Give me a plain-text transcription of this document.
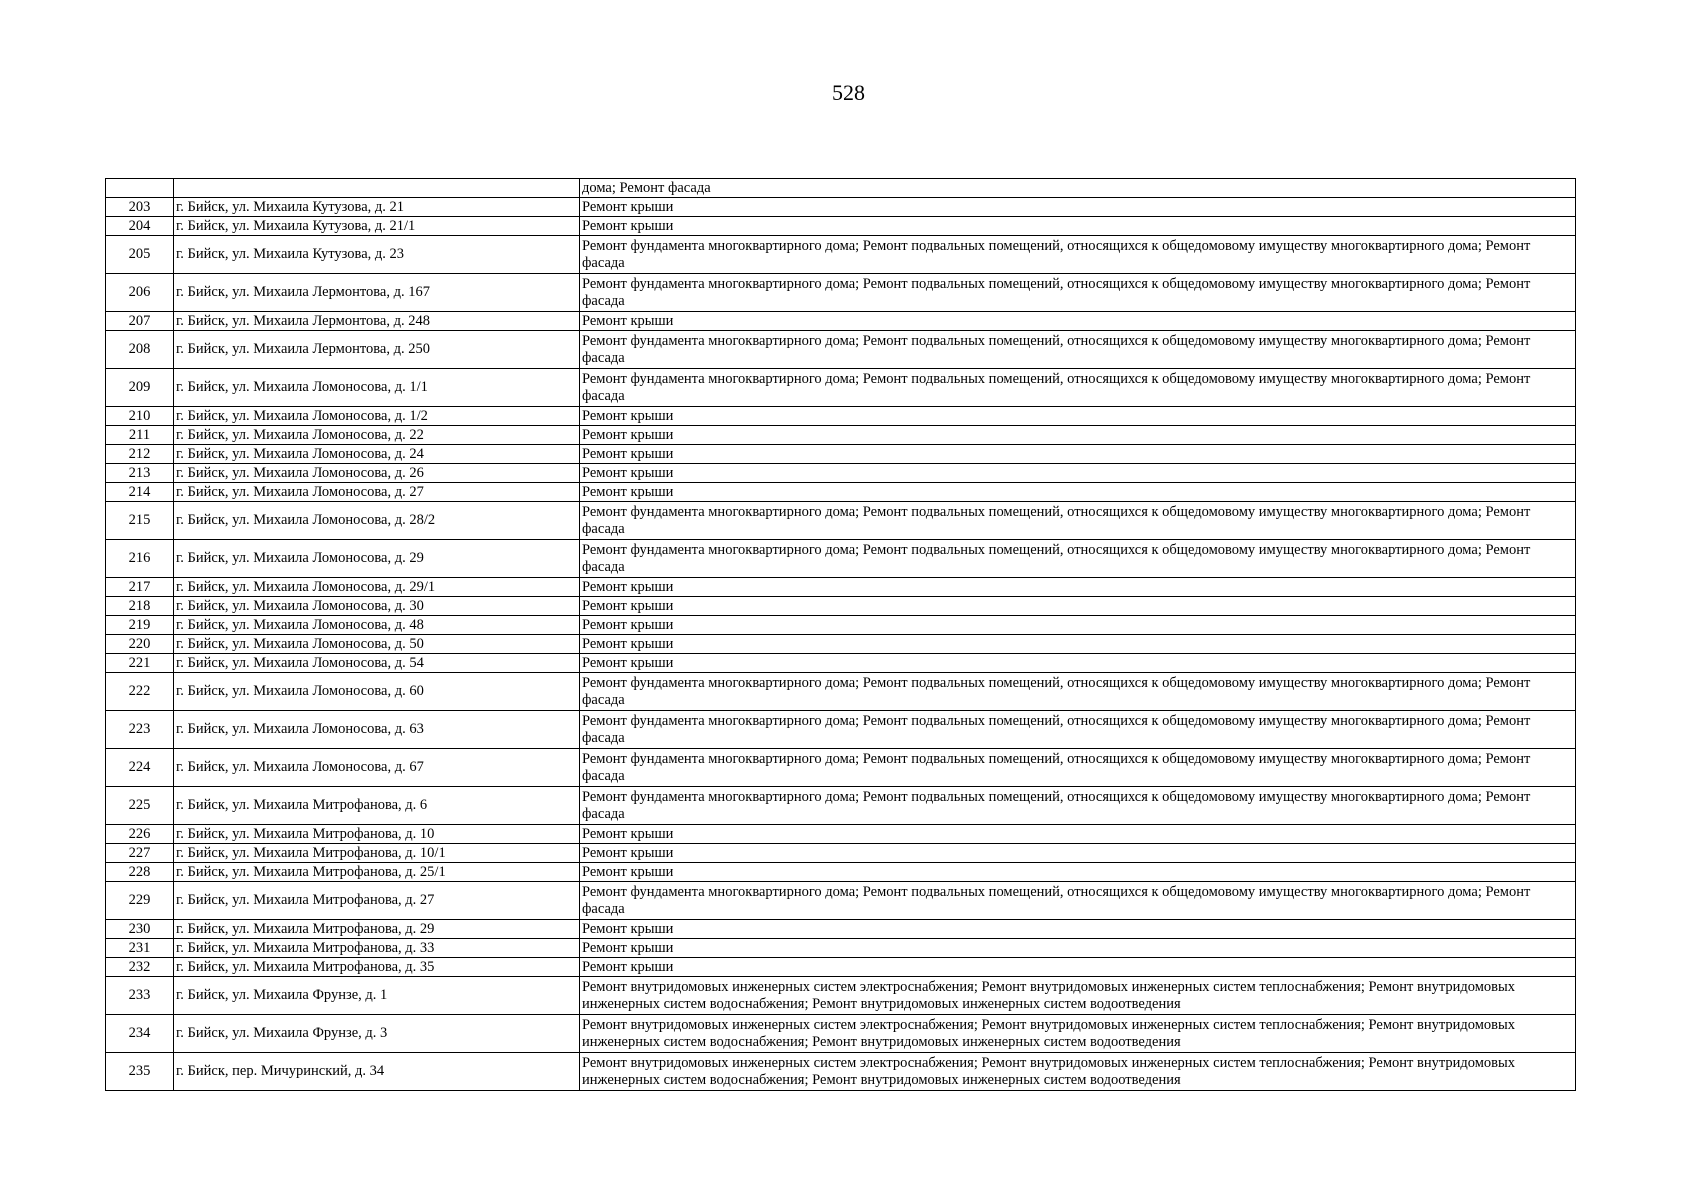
528
		дома; Ремонт фасада
203	г. Бийск, ул. Михаила Кутузова, д. 21	Ремонт крыши
204	г. Бийск, ул. Михаила Кутузова, д. 21/1	Ремонт крыши
205	г. Бийск, ул. Михаила Кутузова, д. 23	Ремонт фундамента многоквартирного дома; Ремонт подвальных помещений, относящихся к общедомовому имуществу многоквартирного дома; Ремонт фасада
206	г. Бийск, ул. Михаила Лермонтова, д. 167	Ремонт фундамента многоквартирного дома; Ремонт подвальных помещений, относящихся к общедомовому имуществу многоквартирного дома; Ремонт фасада
207	г. Бийск, ул. Михаила Лермонтова, д. 248	Ремонт крыши
208	г. Бийск, ул. Михаила Лермонтова, д. 250	Ремонт фундамента многоквартирного дома; Ремонт подвальных помещений, относящихся к общедомовому имуществу многоквартирного дома; Ремонт фасада
209	г. Бийск, ул. Михаила Ломоносова, д. 1/1	Ремонт фундамента многоквартирного дома; Ремонт подвальных помещений, относящихся к общедомовому имуществу многоквартирного дома; Ремонт фасада
210	г. Бийск, ул. Михаила Ломоносова, д. 1/2	Ремонт крыши
211	г. Бийск, ул. Михаила Ломоносова, д. 22	Ремонт крыши
212	г. Бийск, ул. Михаила Ломоносова, д. 24	Ремонт крыши
213	г. Бийск, ул. Михаила Ломоносова, д. 26	Ремонт крыши
214	г. Бийск, ул. Михаила Ломоносова, д. 27	Ремонт крыши
215	г. Бийск, ул. Михаила Ломоносова, д. 28/2	Ремонт фундамента многоквартирного дома; Ремонт подвальных помещений, относящихся к общедомовому имуществу многоквартирного дома; Ремонт фасада
216	г. Бийск, ул. Михаила Ломоносова, д. 29	Ремонт фундамента многоквартирного дома; Ремонт подвальных помещений, относящихся к общедомовому имуществу многоквартирного дома; Ремонт фасада
217	г. Бийск, ул. Михаила Ломоносова, д. 29/1	Ремонт крыши
218	г. Бийск, ул. Михаила Ломоносова, д. 30	Ремонт крыши
219	г. Бийск, ул. Михаила Ломоносова, д. 48	Ремонт крыши
220	г. Бийск, ул. Михаила Ломоносова, д. 50	Ремонт крыши
221	г. Бийск, ул. Михаила Ломоносова, д. 54	Ремонт крыши
222	г. Бийск, ул. Михаила Ломоносова, д. 60	Ремонт фундамента многоквартирного дома; Ремонт подвальных помещений, относящихся к общедомовому имуществу многоквартирного дома; Ремонт фасада
223	г. Бийск, ул. Михаила Ломоносова, д. 63	Ремонт фундамента многоквартирного дома; Ремонт подвальных помещений, относящихся к общедомовому имуществу многоквартирного дома; Ремонт фасада
224	г. Бийск, ул. Михаила Ломоносова, д. 67	Ремонт фундамента многоквартирного дома; Ремонт подвальных помещений, относящихся к общедомовому имуществу многоквартирного дома; Ремонт фасада
225	г. Бийск, ул. Михаила Митрофанова, д. 6	Ремонт фундамента многоквартирного дома; Ремонт подвальных помещений, относящихся к общедомовому имуществу многоквартирного дома; Ремонт фасада
226	г. Бийск, ул. Михаила Митрофанова, д. 10	Ремонт крыши
227	г. Бийск, ул. Михаила Митрофанова, д. 10/1	Ремонт крыши
228	г. Бийск, ул. Михаила Митрофанова, д. 25/1	Ремонт крыши
229	г. Бийск, ул. Михаила Митрофанова, д. 27	Ремонт фундамента многоквартирного дома; Ремонт подвальных помещений, относящихся к общедомовому имуществу многоквартирного дома; Ремонт фасада
230	г. Бийск, ул. Михаила Митрофанова, д. 29	Ремонт крыши
231	г. Бийск, ул. Михаила Митрофанова, д. 33	Ремонт крыши
232	г. Бийск, ул. Михаила Митрофанова, д. 35	Ремонт крыши
233	г. Бийск, ул. Михаила Фрунзе, д. 1	Ремонт внутридомовых инженерных систем электроснабжения; Ремонт внутридомовых инженерных систем теплоснабжения; Ремонт внутридомовых инженерных систем водоснабжения; Ремонт внутридомовых инженерных систем водоотведения
234	г. Бийск, ул. Михаила Фрунзе, д. 3	Ремонт внутридомовых инженерных систем электроснабжения; Ремонт внутридомовых инженерных систем теплоснабжения; Ремонт внутридомовых инженерных систем водоснабжения; Ремонт внутридомовых инженерных систем водоотведения
235	г. Бийск, пер. Мичуринский, д. 34	Ремонт внутридомовых инженерных систем электроснабжения; Ремонт внутридомовых инженерных систем теплоснабжения; Ремонт внутридомовых инженерных систем водоснабжения; Ремонт внутридомовых инженерных систем водоотведения
